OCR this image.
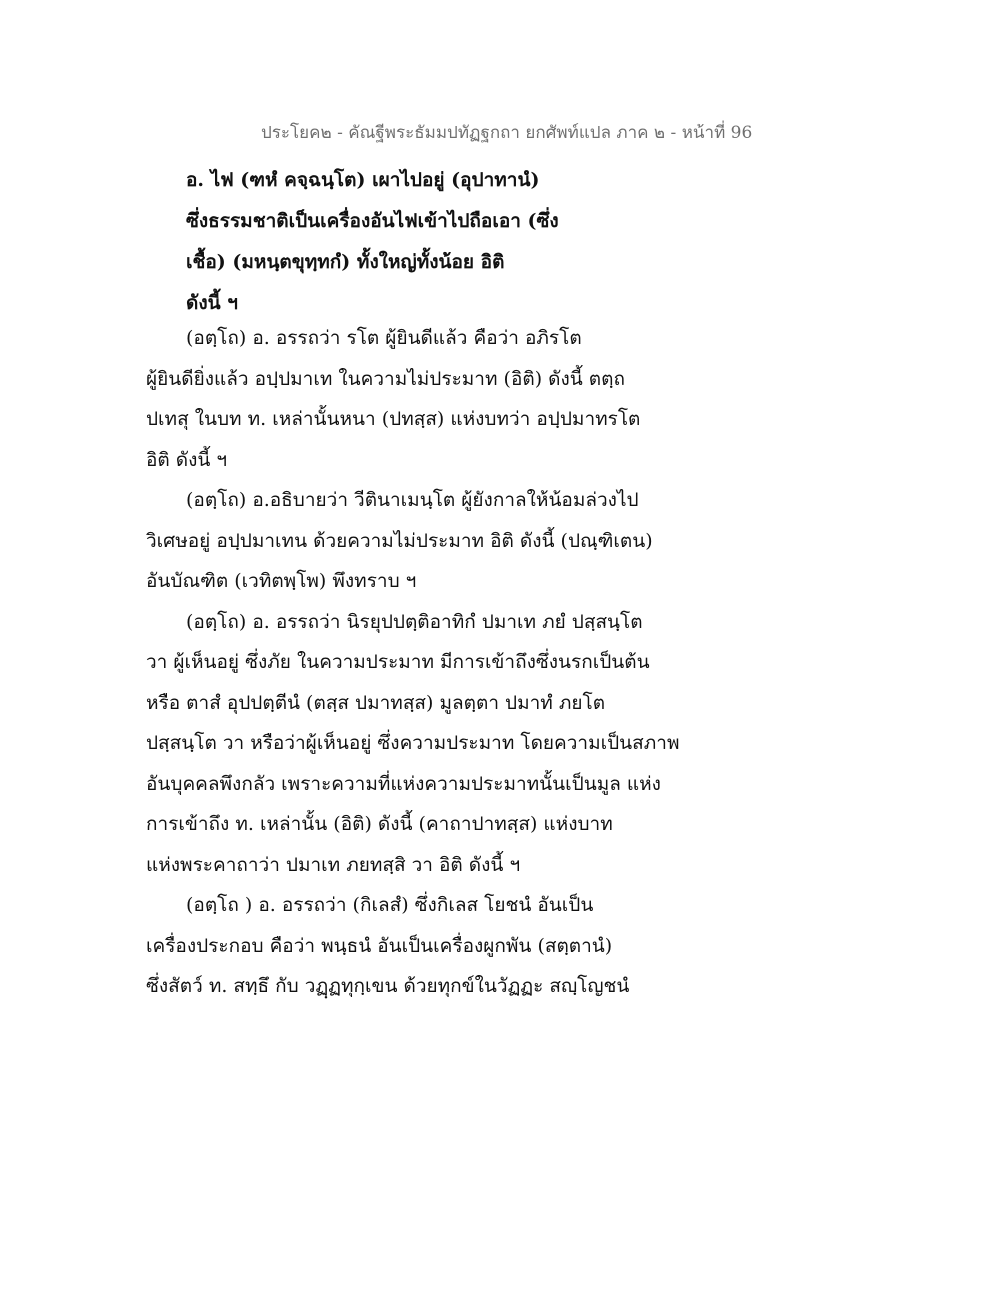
ประโยค๒ - คัณฐีพระธัมมปทัฏฐกถา ยกศัพท์แปล ภาค ๒ - หน้าที่ 96
อ. ไฟ (ฑหํ คจฺฉนฺโต) เผาไปอยู่ (อุปาทานํ)
ซึ่งธรรมชาติเป็นเครื่องอันไฟเข้าไปถือเอา (ซึ่ง
เชื้อ) (มหนฺตขุทฺทกํ) ทั้งใหญ่ทั้งน้อย อิติ
ดังนี้ ฯ
(อตฺโถ) อ. อรรถว่า รโต ผู้ยินดีแล้ว คือว่า อภิรโต
ผู้ยินดียิ่งแล้ว อปฺปมาเท ในความไม่ประมาท (อิติ) ดังนี้ ตตฺถ
ปเทสุ ในบท ท. เหล่านั้นหนา (ปทสฺส) แห่งบทว่า อปฺปมาทรโต
อิติ ดังนี้ ฯ
(อตฺโถ) อ.อธิบายว่า วีตินาเมนฺโต ผู้ยังกาลให้น้อมล่วงไป
วิเศษอยู่ อปฺปมาเทน ด้วยความไม่ประมาท อิติ ดังนี้ (ปณฺฑิเตน)
อันบัณฑิต (เวทิตพฺโพ) พึงทราบ ฯ
(อตฺโถ) อ. อรรถว่า นิรยุปปตฺติอาทิกํ ปมาเท ภยํ ปสฺสนฺโต
วา ผู้เห็นอยู่ ซึ่งภัย ในความประมาท มีการเข้าถึงซึ่งนรกเป็นต้น
หรือ ตาสํ อุปปตฺตีนํ (ตสฺส ปมาทสฺส) มูลตฺตา ปมาทํ ภยโต
ปสฺสนฺโต วา หรือว่าผู้เห็นอยู่ ซึ่งความประมาท โดยความเป็นสภาพ
อันบุคคลพึงกลัว เพราะความที่แห่งความประมาทนั้นเป็นมูล แห่ง
การเข้าถึง ท. เหล่านั้น (อิติ) ดังนี้ (คาถาปาทสฺส) แห่งบาท
แห่งพระคาถาว่า ปมาเท ภยทสฺสิ วา อิติ ดังนี้ ฯ
(อตฺโถ ) อ. อรรถว่า (กิเลสํ) ซึ่งกิเลส โยชนํ อันเป็น
เครื่องประกอบ คือว่า พนฺธนํ อันเป็นเครื่องผูกพัน (สตฺตานํ)
ซึ่งสัตว์ ท. สทฺธึ กับ วฏฺฏทุกฺเขน ด้วยทุกข์ในวัฏฏะ สญฺโญชนํ
